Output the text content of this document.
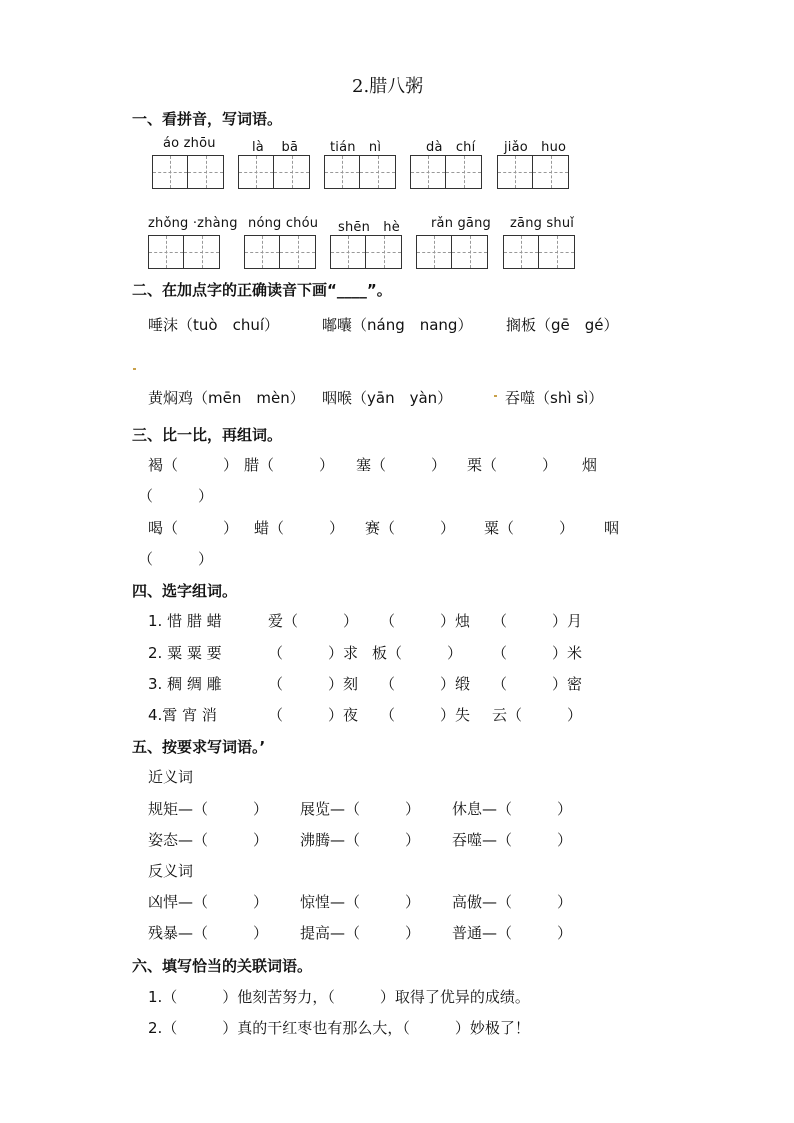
2.腊八粥
一、看拼音，写词语。
áo zhōu	là　 bā tián　nì	dà　chí jiǎo　huo
zhǒng ·zhàng nóng chóu shēn　hè rǎn gāng zāng shuǐ
二、在加点字的正确读音下画“____”。
唾沫（tuò　chuí）	嘟囔（náng　nang） 搁板（gē　gé）
黄焖鸡（mēn　mèn） 咽喉（yān　yàn）	吞噬（shì sì）
三、比一比，再组词。
褐（　　　） 腊（　　　） 塞（　　　） 栗（　　　） 烟
（　　　）
喝（　　　） 蜡（　　　） 赛（　　　） 粟（　　　） 咽
（　　　）
四、选字组词。
1. 惜 腊 蜡	爱（　　　） （　　　）烛 （　　　）月
2. 粟 粟 要	（　　　）求 板（　　　） （　　　）米
3. 稠 绸 雕	（　　　）刻 （　　　）缎 （　　　）密
4.霄 宵 消	（　　　）夜 （　　　）失 云（　　　）
五、按要求写词语。’
近义词
规矩—（　　　） 展览—（　　　） 休息—（　　　）
姿态—（　　　） 沸腾—（　　　） 吞噬—（　　　）
反义词
凶悍—（　　　） 惊惶—（　　　） 高傲—（　　　）
残暴—（　　　） 提高—（　　　） 普通—（　　　）
六、填写恰当的关联词语。
1.（　　　）他刻苦努力，（　　　）取得了优异的成绩。
2.（　　　）真的干红枣也有那么大，（　　　）妙极了！
